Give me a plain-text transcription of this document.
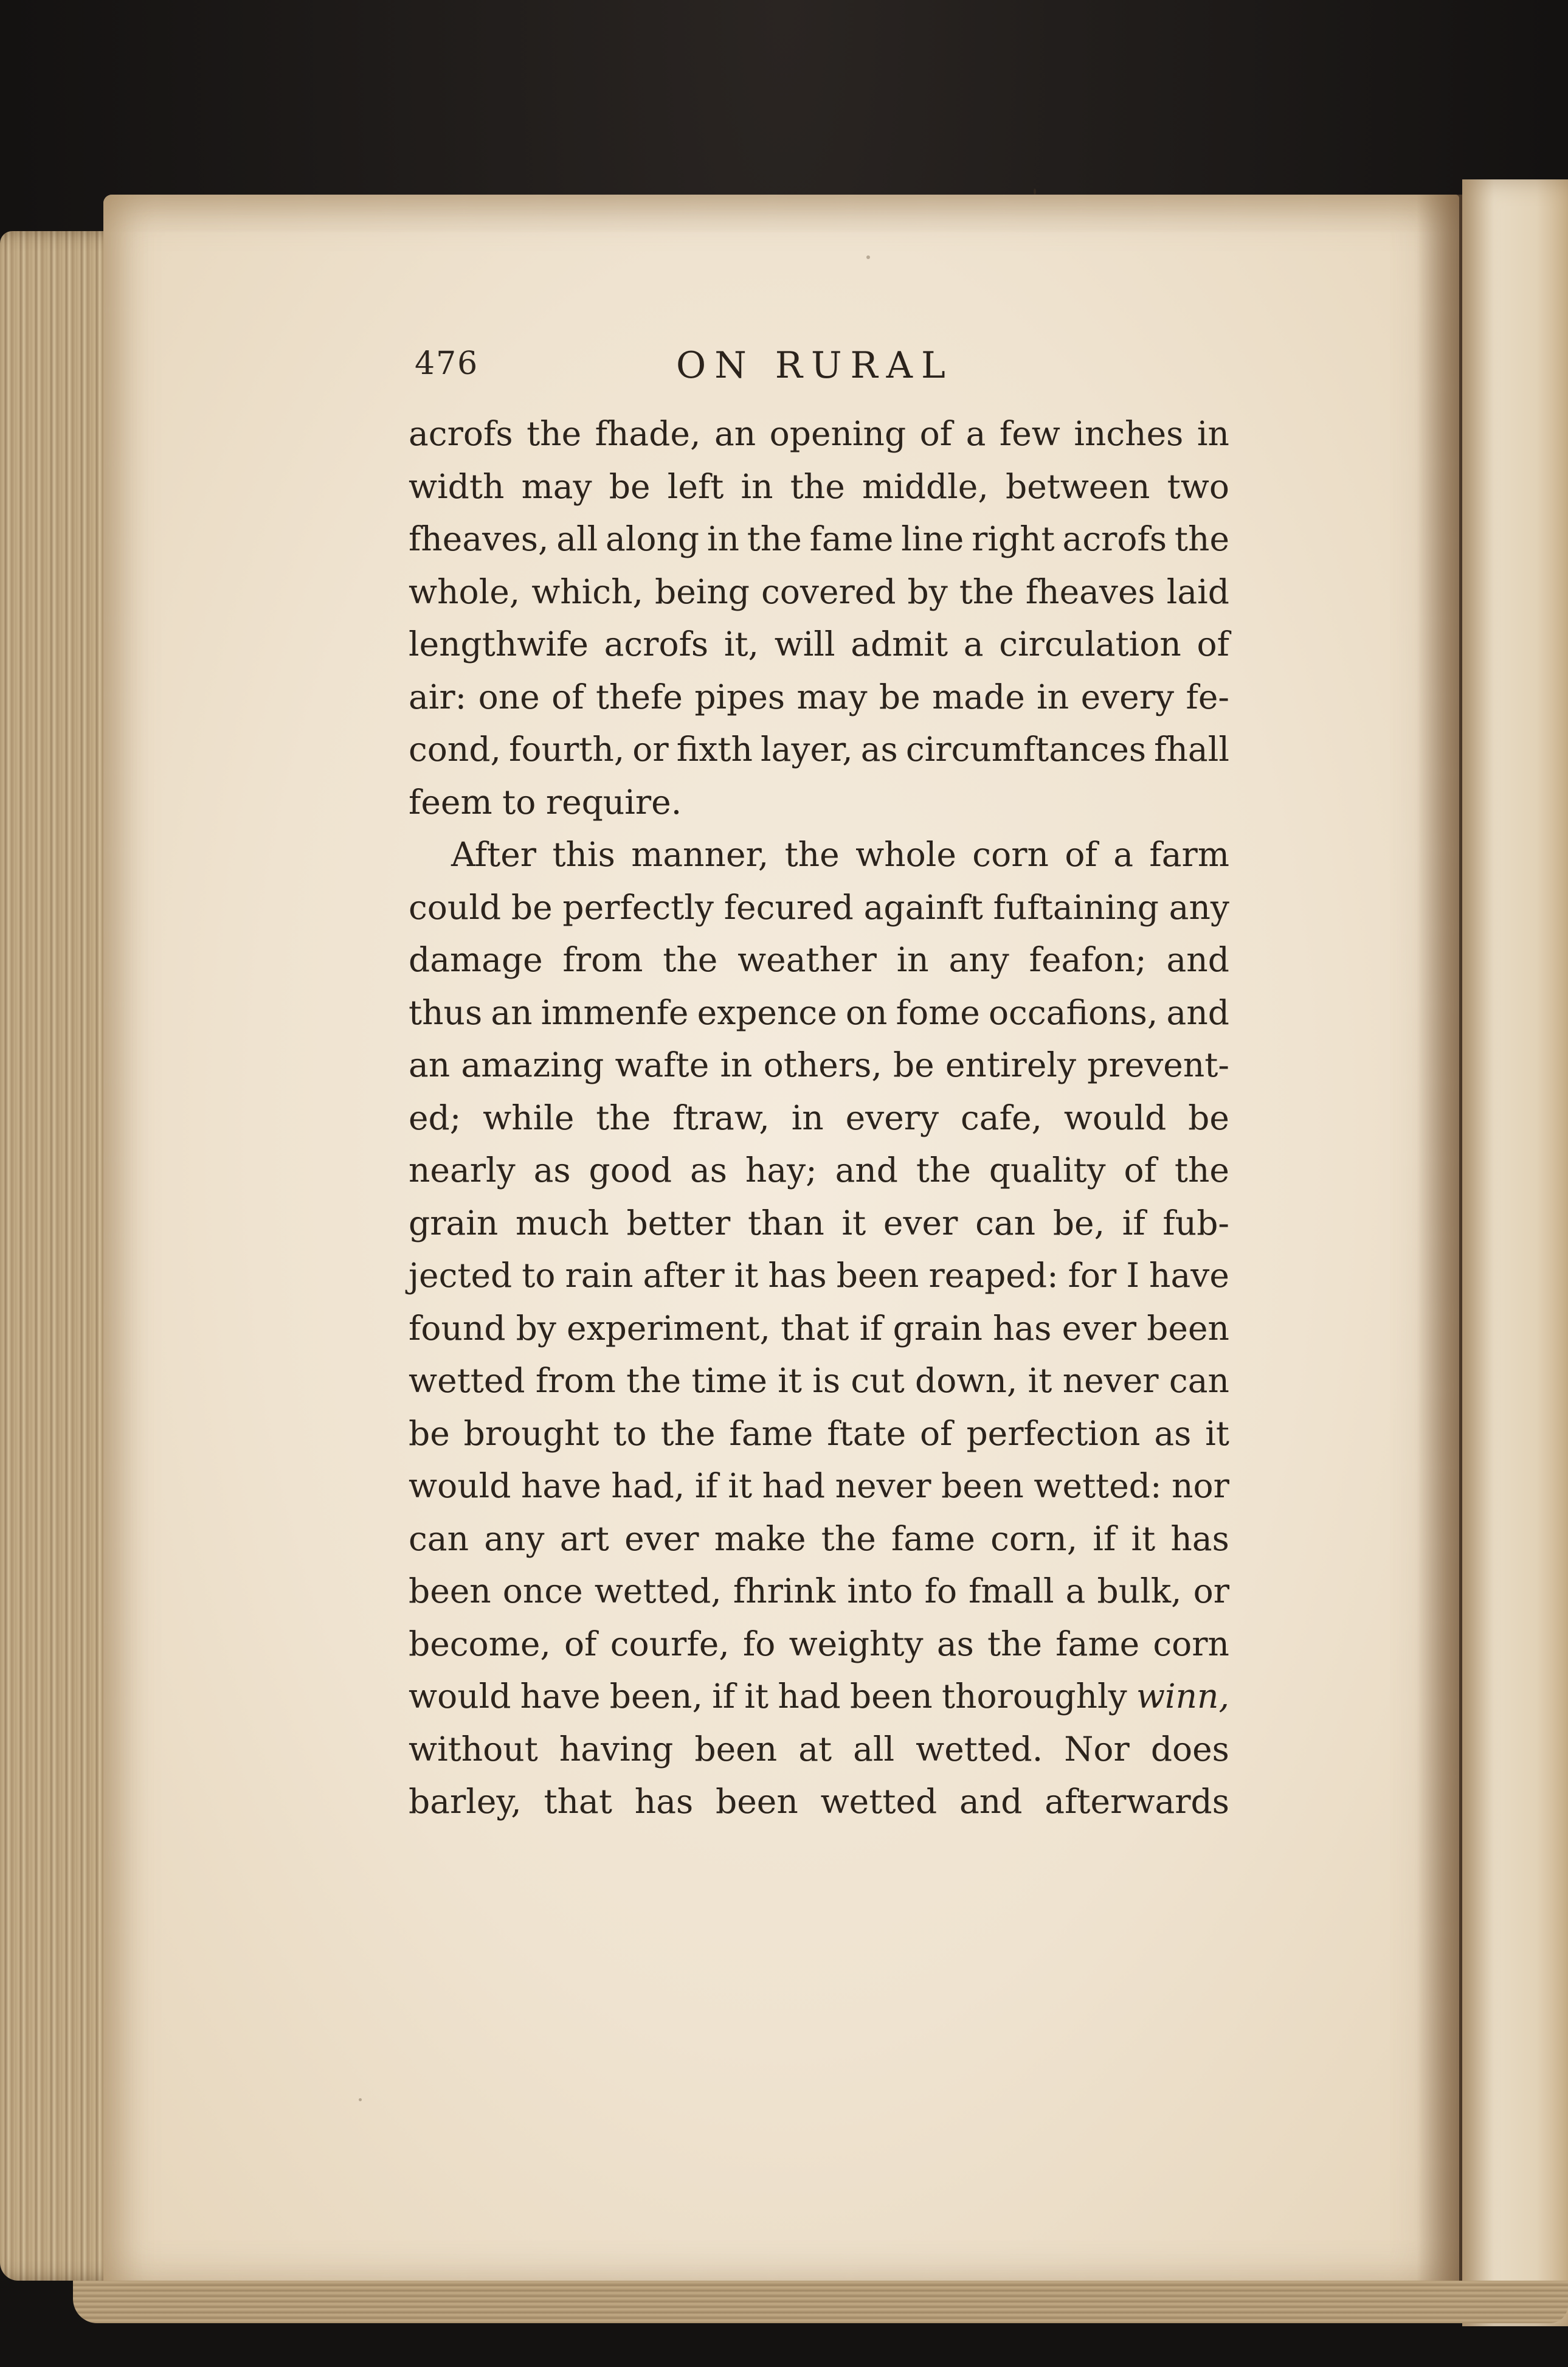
476	ON RURAL
acrofs the fhade, an opening of a few inches in
width may be left in the middle, between two
fheaves, all along in the fame line right acrofs the
whole, which, being covered by the fheaves laid
lengthwife acrofs it, will admit a circulation of
air: one of thefe pipes may be made in every fe-
cond, fourth, or fixth layer, as circumftances fhall
feem to require.
After this manner, the whole corn of a farm
could be perfectly fecured againft fuftaining any
damage from the weather in any feafon; and
thus an immenfe expence on fome occafions, and
an amazing wafte in others, be entirely prevent-
ed; while the ftraw, in every cafe, would be
nearly as good as hay; and the quality of the
grain much better than it ever can be, if fub-
jected to rain after it has been reaped: for I have
found by experiment, that if grain has ever been
wetted from the time it is cut down, it never can
be brought to the fame ftate of perfection as it
would have had, if it had never been wetted: nor
can any art ever make the fame corn, if it has
been once wetted, fhrink into fo fmall a bulk, or
become, of courfe, fo weighty as the fame corn
would have been, if it had been thoroughly winn,
without having been at all wetted. Nor does
barley, that has been wetted and afterwards
